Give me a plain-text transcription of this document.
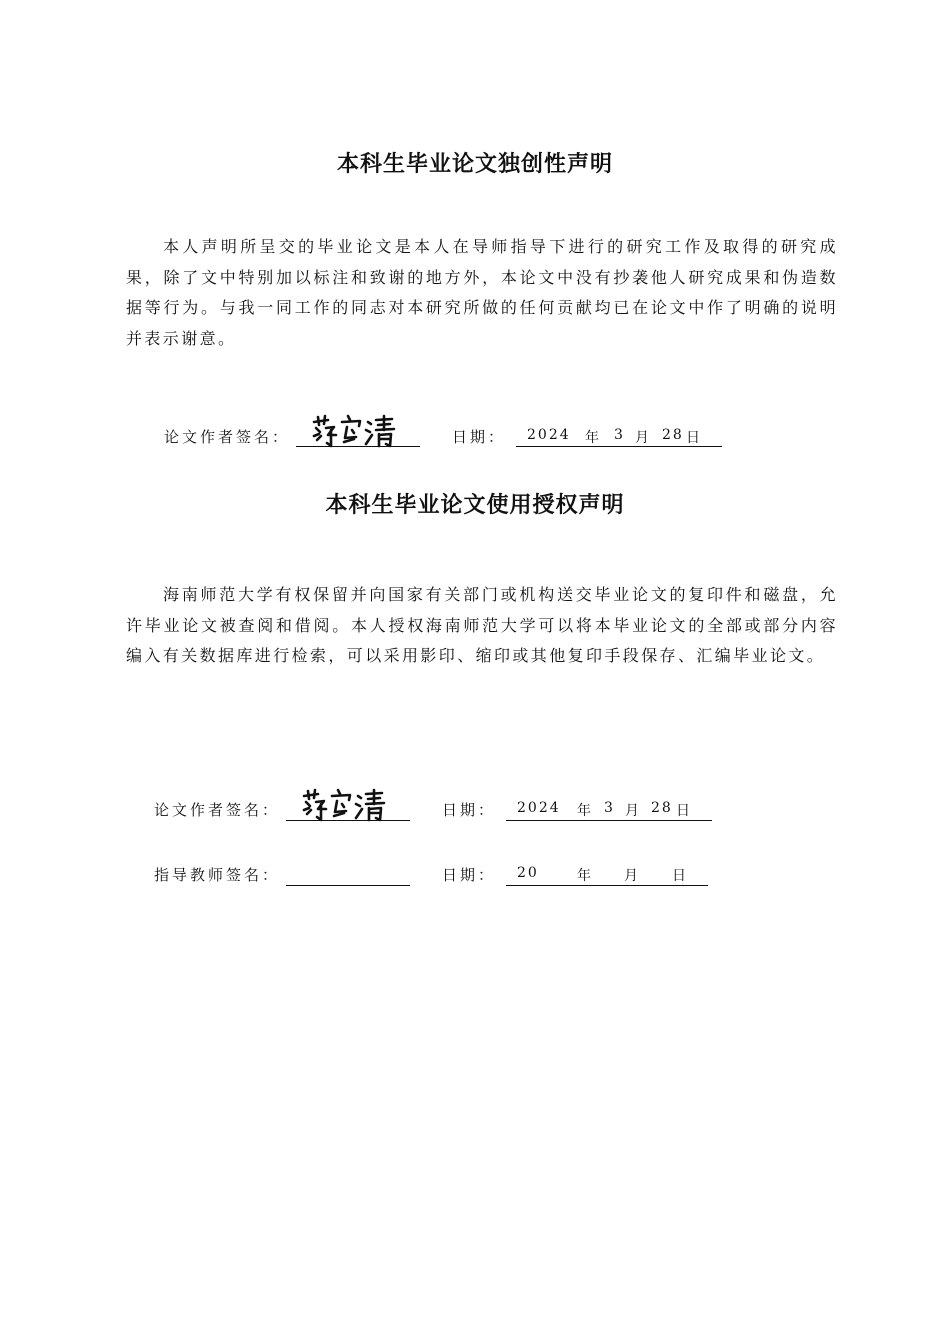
本科生毕业论文独创性声明
本人声明所呈交的毕业论文是本人在导师指导下进行的研究工作及取得的研究成果，除了文中特别加以标注和致谢的地方外，本论文中没有抄袭他人研究成果和伪造数据等行为。与我一同工作的同志对本研究所做的任何贡献均已在论文中作了明确的说明并表示谢意。
论文作者签名：	日期： 2024 年 3 月 28 日
本科生毕业论文使用授权声明
海南师范大学有权保留并向国家有关部门或机构送交毕业论文的复印件和磁盘，允许毕业论文被查阅和借阅。本人授权海南师范大学可以将本毕业论文的全部或部分内容编入有关数据库进行检索，可以采用影印、缩印或其他复印手段保存、汇编毕业论文。
论文作者签名：	日期： 2024 年 3 月 28 日
指导教师签名：	日期： 20	年 月 日
